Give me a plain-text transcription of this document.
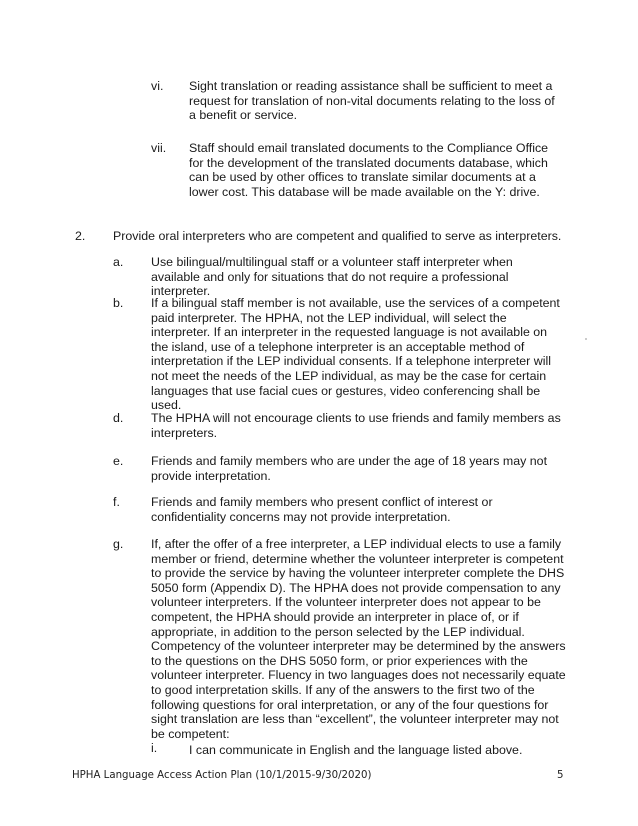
vi. Sight translation or reading assistance shall be sufficient to meet a request for translation of non-vital documents relating to the loss of a benefit or service.
vii. Staff should email translated documents to the Compliance Office for the development of the translated documents database, which can be used by other offices to translate similar documents at a lower cost. This database will be made available on the Y: drive.
2. Provide oral interpreters who are competent and qualified to serve as interpreters.
a. Use bilingual/multilingual staff or a volunteer staff interpreter when available and only for situations that do not require a professional interpreter.
b. If a bilingual staff member is not available, use the services of a competent paid interpreter. The HPHA, not the LEP individual, will select the interpreter. If an interpreter in the requested language is not available on the island, use of a telephone interpreter is an acceptable method of interpretation if the LEP individual consents. If a telephone interpreter will not meet the needs of the LEP individual, as may be the case for certain languages that use facial cues or gestures, video conferencing shall be used.
d. The HPHA will not encourage clients to use friends and family members as interpreters.
e. Friends and family members who are under the age of 18 years may not provide interpretation.
f.	Friends and family members who present conflict of interest or confidentiality concerns may not provide interpretation.
g. If, after the offer of a free interpreter, a LEP individual elects to use a family member or friend, determine whether the volunteer interpreter is competent to provide the service by having the volunteer interpreter complete the DHS 5050 form (Appendix D). The HPHA does not provide compensation to any volunteer interpreters. If the volunteer interpreter does not appear to be competent, the HPHA should provide an interpreter in place of, or if appropriate, in addition to the person selected by the LEP individual. Competency of the volunteer interpreter may be determined by the answers to the questions on the DHS 5050 form, or prior experiences with the volunteer interpreter. Fluency in two languages does not necessarily equate to good interpretation skills. If any of the answers to the first two of the following questions for oral interpretation, or any of the four questions for sight translation are less than “excellent”, the volunteer interpreter may not be competent:
i.	I can communicate in English and the language listed above.
HPHA Language Access Action Plan (10/1/2015-9/30/2020)	5
